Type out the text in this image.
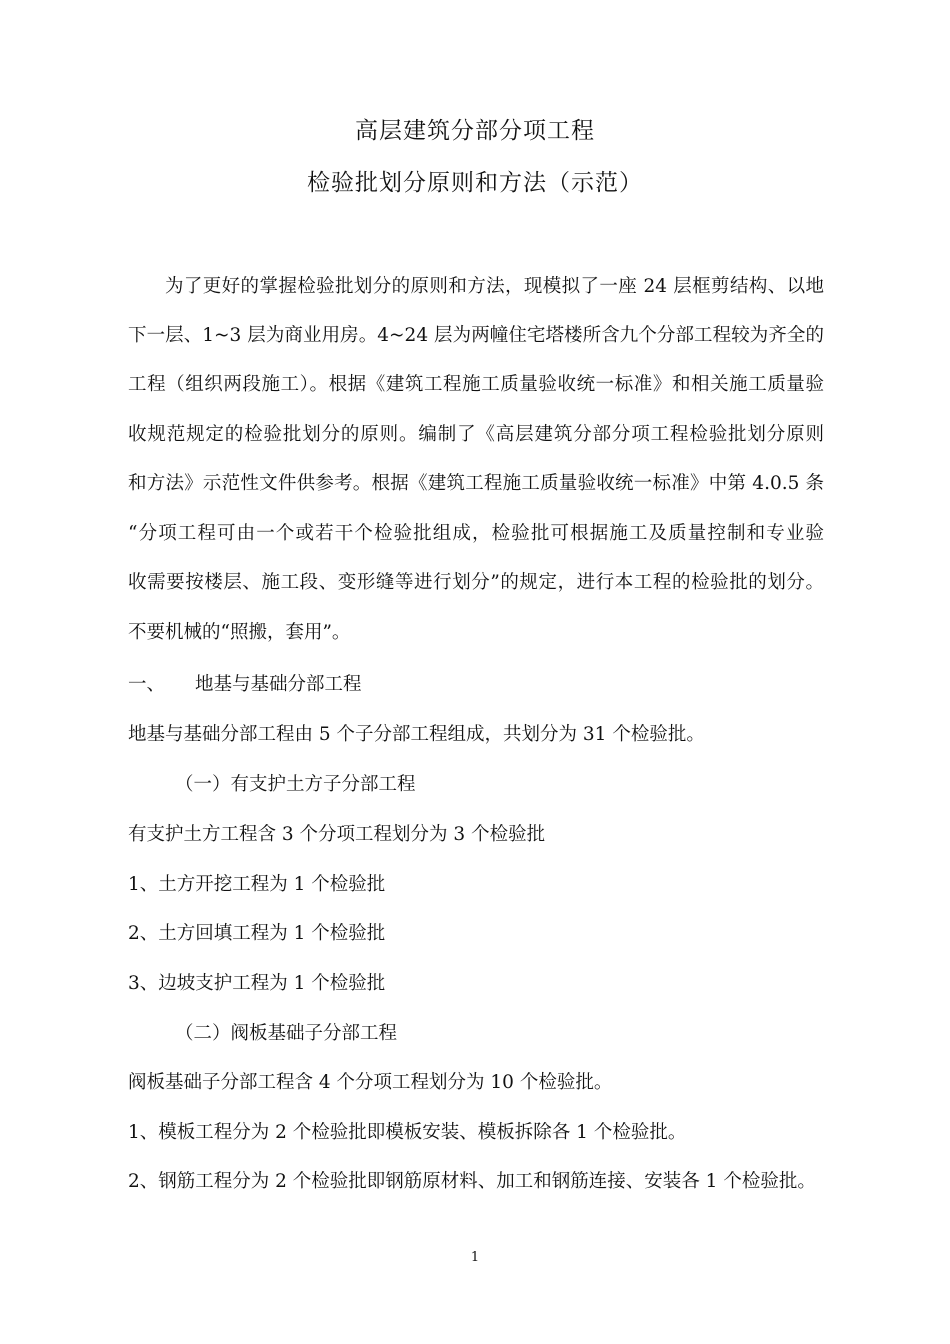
高层建筑分部分项工程
检验批划分原则和方法（示范）
为了更好的掌握检验批划分的原则和方法，现模拟了一座 24 层框剪结构、以地
下一层、1~3 层为商业用房。4~24 层为两幢住宅塔楼所含九个分部工程较为齐全的
工程（组织两段施工）。根据《建筑工程施工质量验收统一标准》和相关施工质量验
收规范规定的检验批划分的原则。编制了《高层建筑分部分项工程检验批划分原则
和方法》示范性文件供参考。根据《建筑工程施工质量验收统一标准》中第 4.0.5 条
“分项工程可由一个或若干个检验批组成，检验批可根据施工及质量控制和专业验
收需要按楼层、施工段、变形缝等进行划分”的规定，进行本工程的检验批的划分。
不要机械的“照搬，套用”。
一、 地基与基础分部工程
地基与基础分部工程由 5 个子分部工程组成，共划分为 31 个检验批。
（一）有支护土方子分部工程
有支护土方工程含 3 个分项工程划分为 3 个检验批
1、土方开挖工程为 1 个检验批
2、土方回填工程为 1 个检验批
3、边坡支护工程为 1 个检验批
（二）阀板基础子分部工程
阀板基础子分部工程含 4 个分项工程划分为 10 个检验批。
1、模板工程分为 2 个检验批即模板安装、模板拆除各 1 个检验批。
2、钢筋工程分为 2 个检验批即钢筋原材料、加工和钢筋连接、安装各 1 个检验批。
1
